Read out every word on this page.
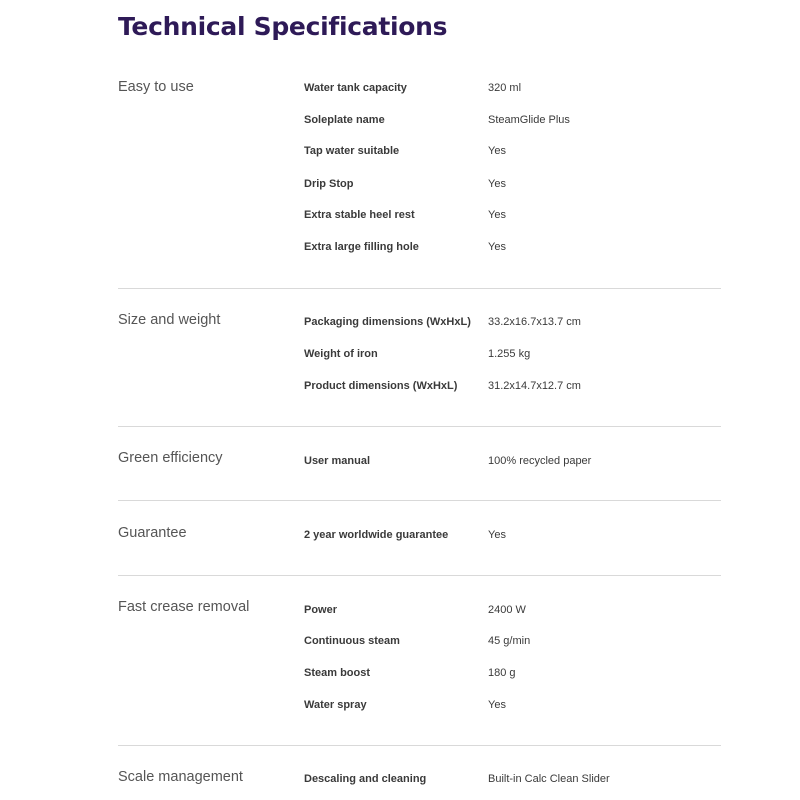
Technical Specifications
Easy to use	Water tank capacity	320 ml
Soleplate name	SteamGlide Plus
Tap water suitable	Yes
Drip Stop	Yes
Extra stable heel rest	Yes
Extra large filling hole	Yes
Size and weight	Packaging dimensions (WxHxL) 33.2x16.7x13.7 cm
Weight of iron	1.255 kg
Product dimensions (WxHxL)	31.2x14.7x12.7 cm
Green efficiency	User manual	100% recycled paper
Guarantee	2 year worldwide guarantee	Yes
Fast crease removal	Power	2400 W
Continuous steam	45 g/min
Steam boost	180 g
Water spray	Yes
Scale management	Descaling and cleaning	Built-in Calc Clean Slider
